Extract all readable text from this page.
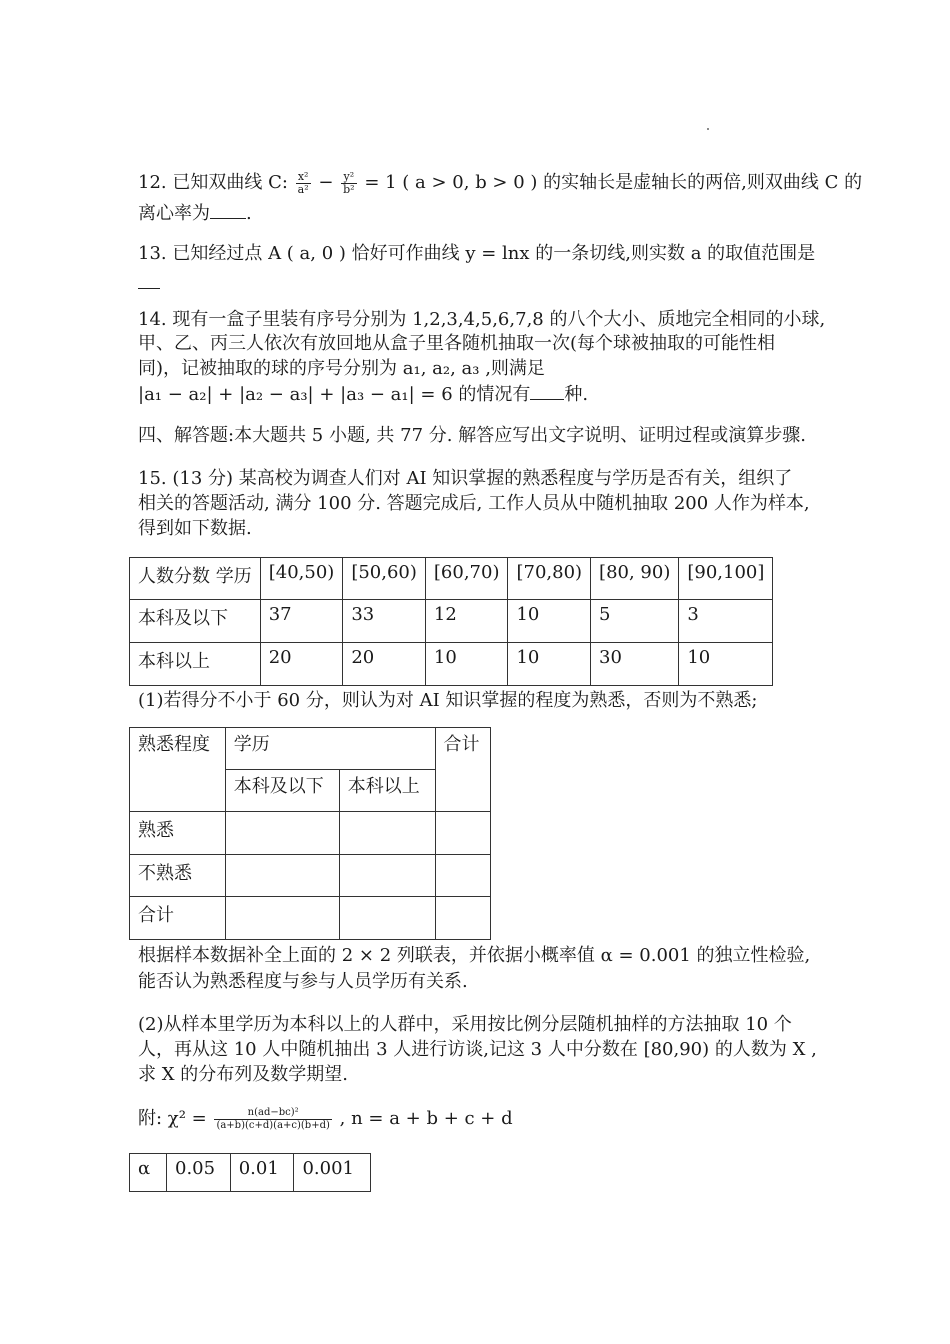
12. 已知双曲线 C: $\frac{\text{x²}}{\text{a²}} - \frac{\text{y²}}{\text{b²}} = 1$ ( a > 0, b > 0 ) 的实轴长是虚轴长的两倍,则双曲线 C 的
离心率为 .
13. 已知经过点 A ( a, 0 ) 恰好可作曲线 y = lnx 的一条切线,则实数 a 的取值范围是
14. 现有一盒子里装有序号分别为 1,2,3,4,5,6,7,8 的八个大小、质地完全相同的小球,
甲、乙、丙三人依次有放回地从盒子里各随机抽取一次(每个球被抽取的可能性相
同)，记被抽取的球的序号分别为 a₁, a₂, a₃ ,则满足
|a₁ − a₂| + |a₂ − a₃| + |a₃ − a₁| = 6 的情况有 种.
四、解答题:本大题共 5 小题, 共 77 分. 解答应写出文字说明、证明过程或演算步骤.
15. (13 分) 某高校为调查人们对 AI 知识掌握的熟悉程度与学历是否有关，组织了
相关的答题活动, 满分 100 分. 答题完成后, 工作人员从中随机抽取 200 人作为样本,
得到如下数据.
人数分数 学历	[40,50)	[50,60)	[60,70)	[70,80)	[80, 90)	[90,100]
本科及以下	37	33	12	10	5	3
本科以上	20	20	10	10	30	10
(1)若得分不小于 60 分，则认为对 AI 知识掌握的程度为熟悉，否则为不熟悉;
熟悉程度	学历		合计
	本科及以下	本科以上	
熟悉			
不熟悉			
合计			
根据样本数据补全上面的 2 × 2 列联表，并依据小概率值 α = 0.001 的独立性检验,
能否认为熟悉程度与参与人员学历有关系.
(2)从样本里学历为本科以上的人群中，采用按比例分层随机抽样的方法抽取 10 个
人，再从这 10 人中随机抽出 3 人进行访谈,记这 3 人中分数在 [80,90) 的人数为 X ,
求 X 的分布列及数学期望.
附: $\chi^2 = \frac{\text{n(ad−bc)²}}{(a+b)(c+d)(a+c)(b+d)}$ , n = a + b + c + d
α	0.05	0.01	0.001
